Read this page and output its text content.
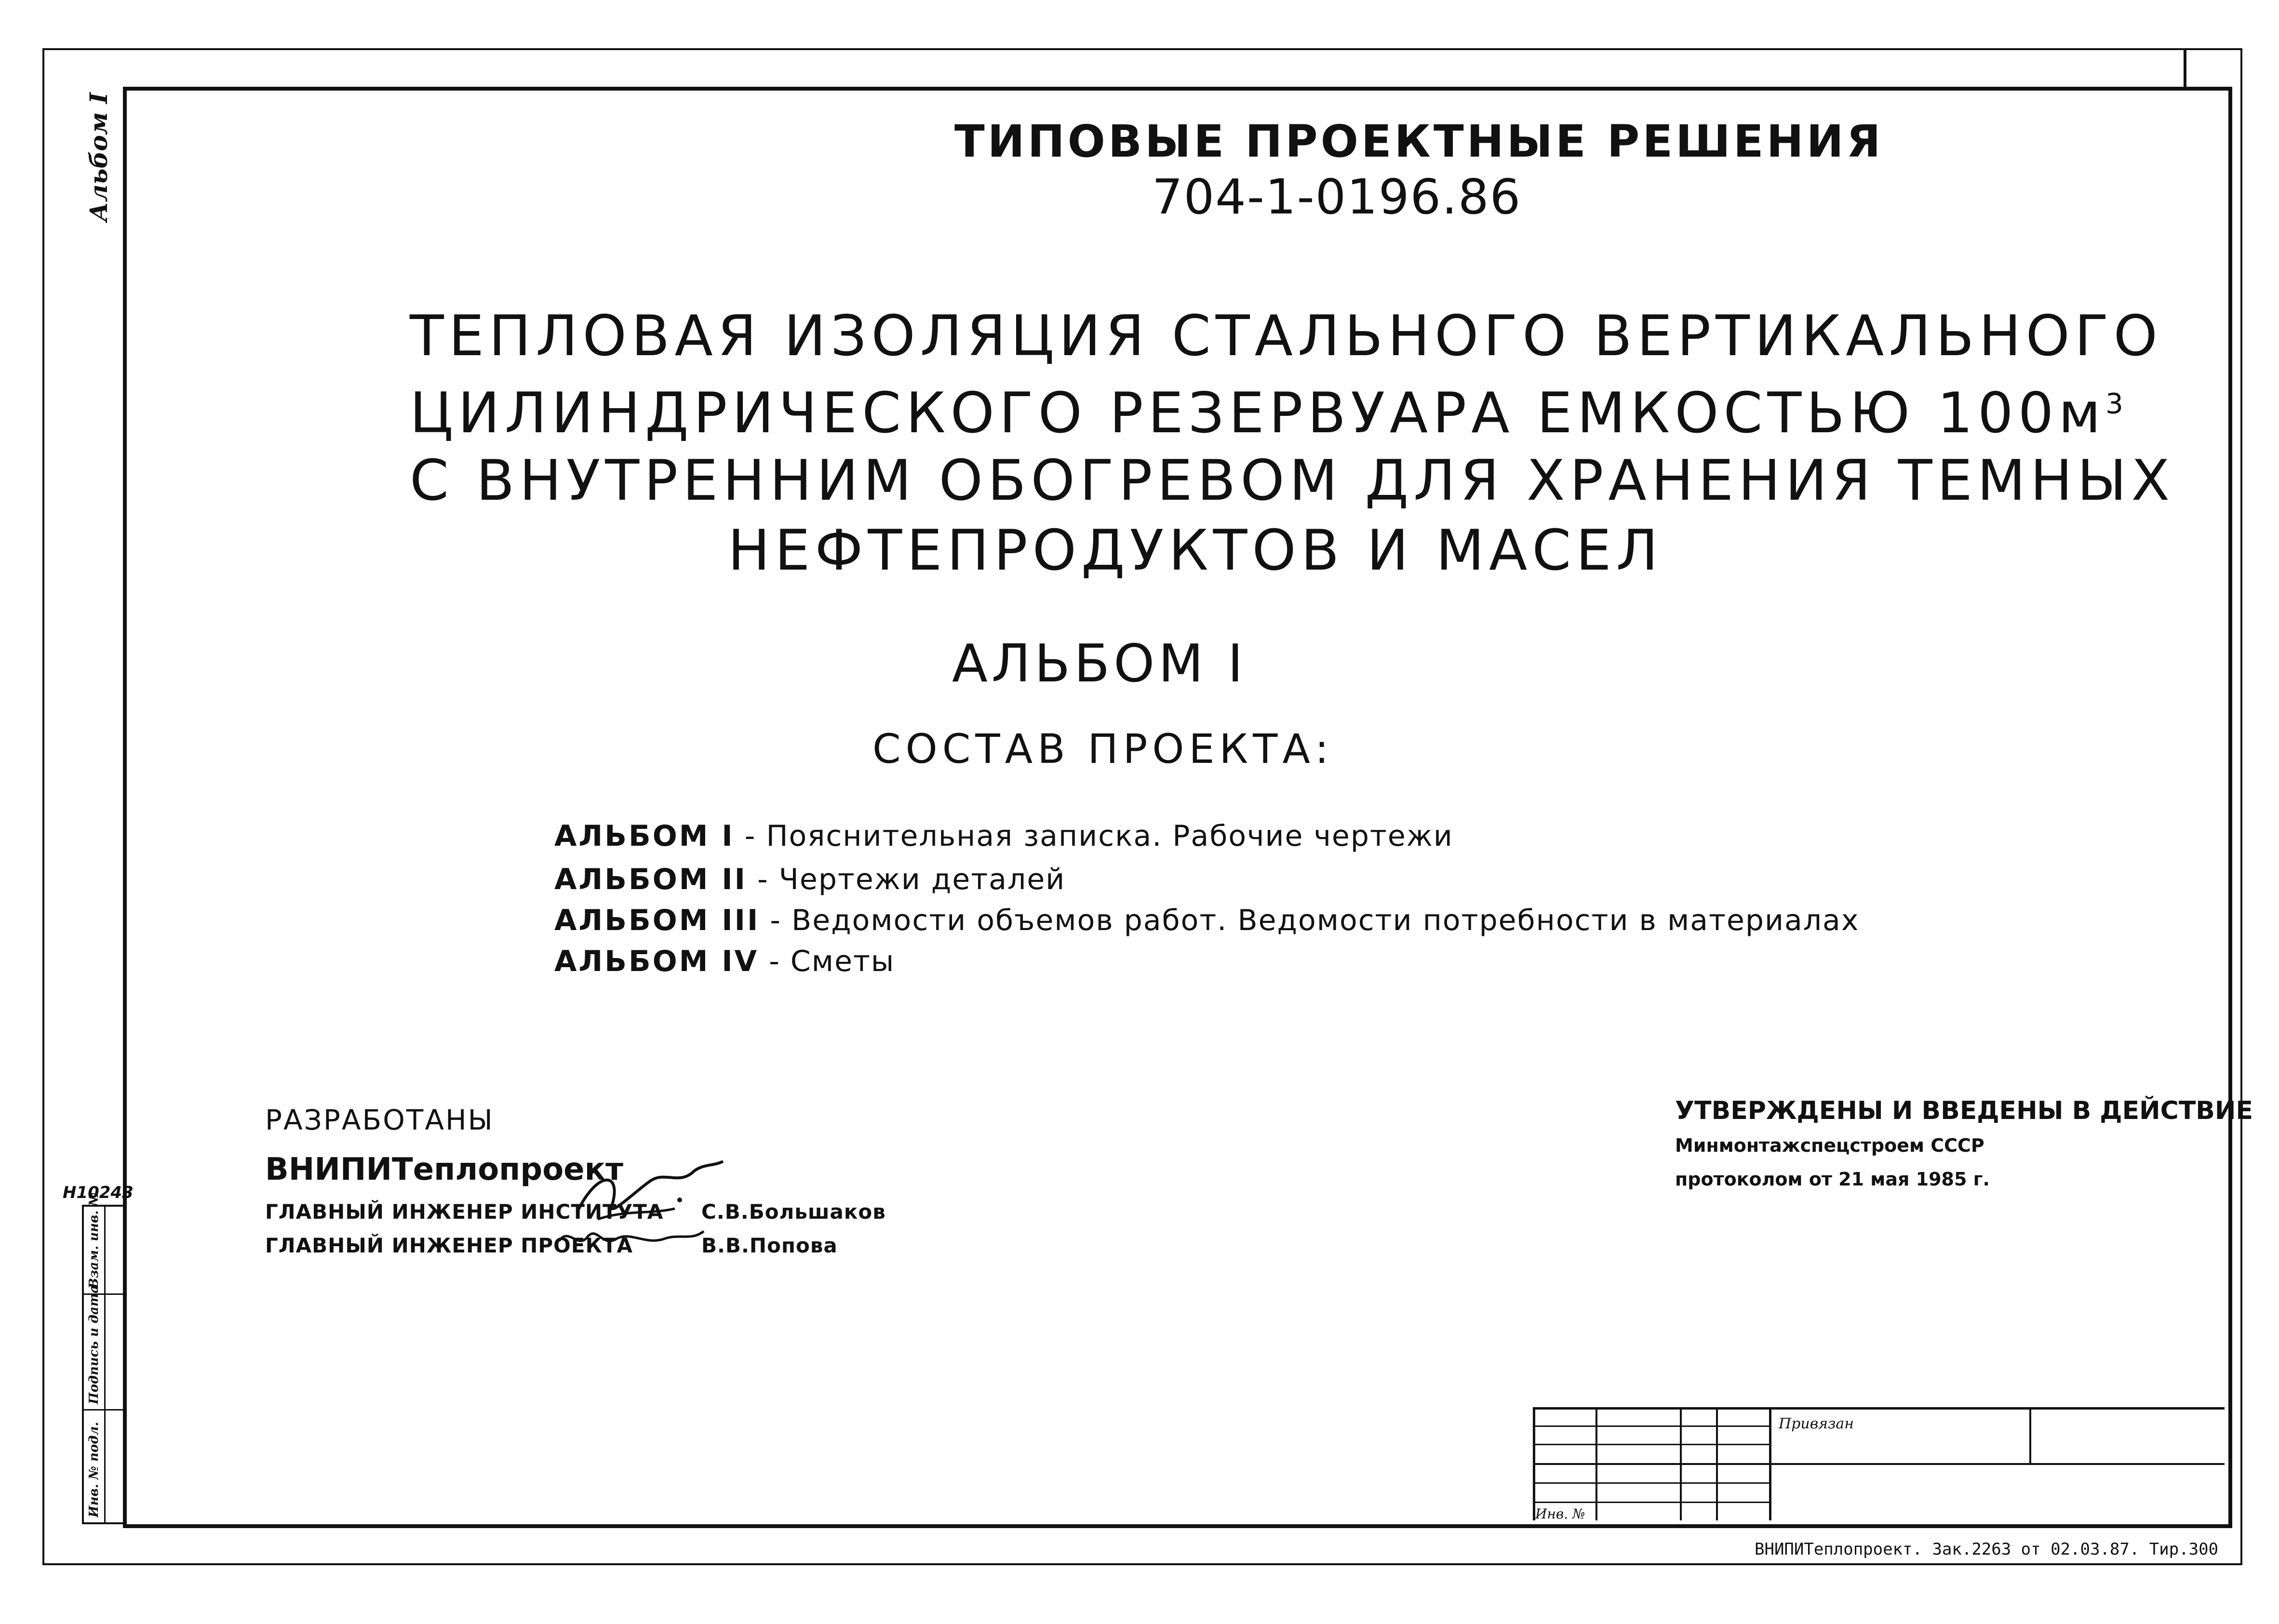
ТИПОВЫЕ ПРОЕКТНЫЕ РЕШЕНИЯ
704-1-0196.86
ТЕПЛОВАЯ ИЗОЛЯЦИЯ СТАЛЬНОГО ВЕРТИКАЛЬНОГО
ЦИЛИНДРИЧЕСКОГО РЕЗЕРВУАРА ЕМКОСТЬЮ $100м^3$
С ВНУТРЕННИМ ОБОГРЕВОМ ДЛЯ ХРАНЕНИЯ ТЕМНЫХ
НЕФТЕПРОДУКТОВ И МАСЕЛ
АЛЬБОМ I
СОСТАВ ПРОЕКТА:
АЛЬБОМ I - Пояснительная записка. Рабочие чертежи
АЛЬБОМ II - Чертежи деталей
АЛЬБОМ III - Ведомости объемов работ. Ведомости потребности в материалах
АЛЬБОМ IV - Сметы
РАЗРАБОТАНЫ
ВНИПИТеплопроект
ГЛАВНЫЙ ИНЖЕНЕР ИНСТИТУТА С.В.Большаков
ГЛАВНЫЙ ИНЖЕНЕР ПРОЕКТА	В.В.Попова
УТВЕРЖДЕНЫ И ВВЕДЕНЫ В ДЕЙСТВИЕ
Минмонтажспецстроем СССР
протоколом от 21 мая 1985 г.
Альбом I
Н10243
Инв. № подл.
Подпись и дата
Взам. инв. №
Привязан
Инв. №
ВНИПИТеплопроект. Зак.2263 от 02.03.87. Тир.300
